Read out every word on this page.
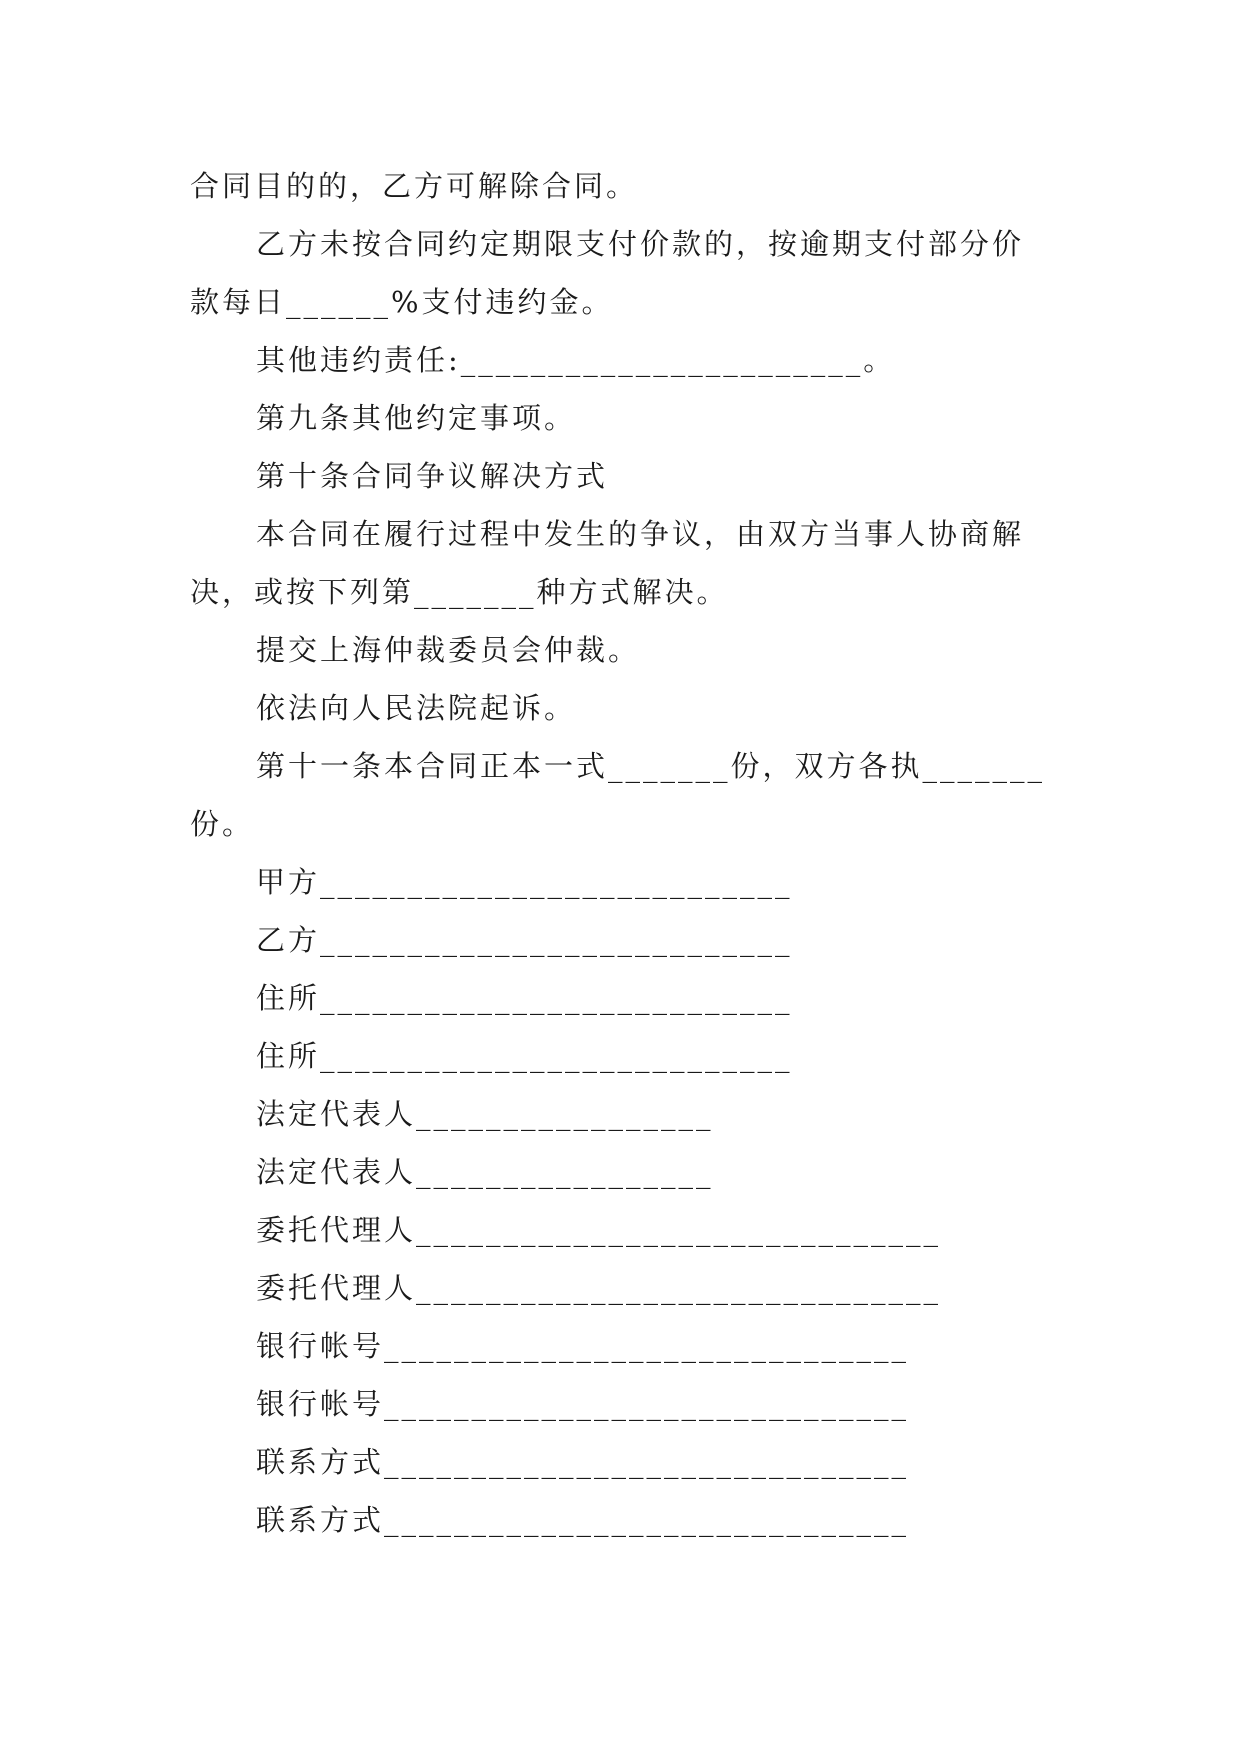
合同目的的，乙方可解除合同。
乙方未按合同约定期限支付价款的，按逾期支付部分价
款每日______%支付违约金。
其他违约责任:_______________________。
第九条其他约定事项。
第十条合同争议解决方式
本合同在履行过程中发生的争议，由双方当事人协商解
决，或按下列第_______种方式解决。
提交上海仲裁委员会仲裁。
依法向人民法院起诉。
第十一条本合同正本一式_______份，双方各执_______
份。
甲方___________________________
乙方___________________________
住所___________________________
住所___________________________
法定代表人_________________
法定代表人_________________
委托代理人______________________________
委托代理人______________________________
银行帐号______________________________
银行帐号______________________________
联系方式______________________________
联系方式______________________________
